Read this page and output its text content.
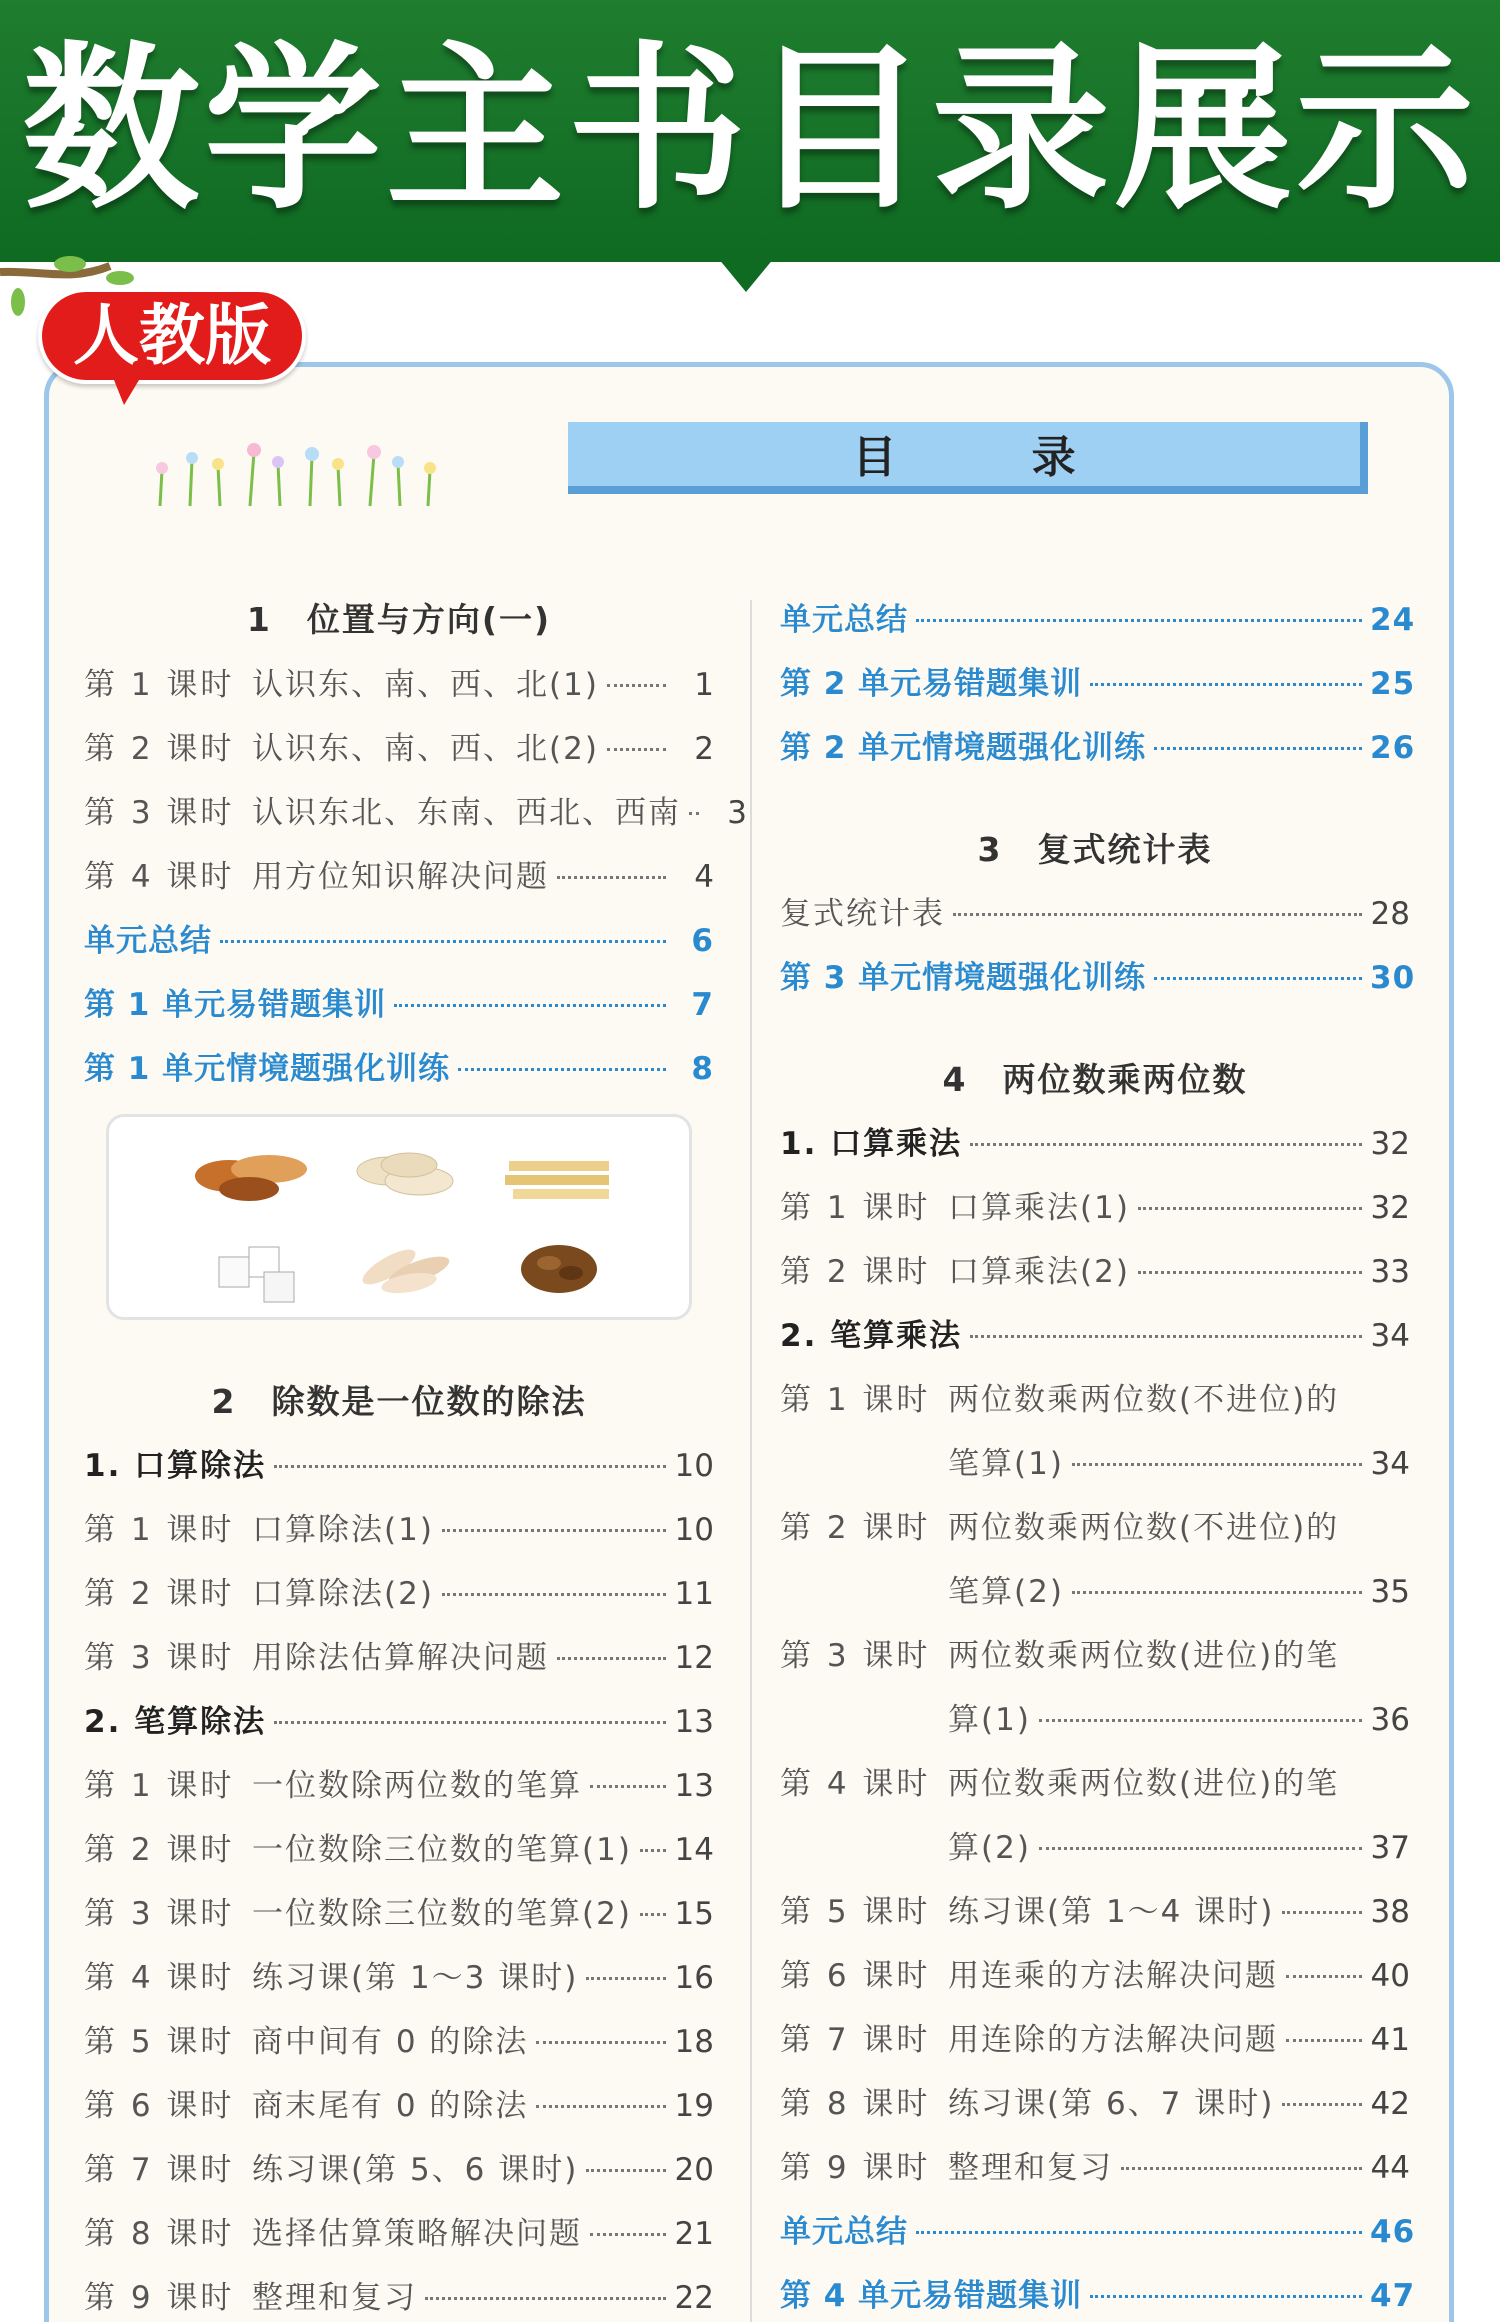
数学主书目录展示
人教版
目 录
1　位置与方向(一)
第 1 课时 认识东、南、西、北(1)	1
第 2 课时 认识东、南、西、北(2)	2
第 3 课时 认识东北、东南、西北、西南	3
第 4 课时 用方位知识解决问题	4
单元总结	6
第 1 单元易错题集训	7
第 1 单元情境题强化训练	8
2　除数是一位数的除法
1. 口算除法	10
第 1 课时 口算除法(1)	10
第 2 课时 口算除法(2)	11
第 3 课时 用除法估算解决问题	12
2. 笔算除法	13
第 1 课时 一位数除两位数的笔算	13
第 2 课时 一位数除三位数的笔算(1) 14
第 3 课时 一位数除三位数的笔算(2) 15
第 4 课时 练习课(第 1～3 课时)	16
第 5 课时 商中间有 0 的除法	18
第 6 课时 商末尾有 0 的除法	19
第 7 课时 练习课(第 5、6 课时)	20
第 8 课时 选择估算策略解决问题	21
第 9 课时 整理和复习	22
单元总结	24
第 2 单元易错题集训	25
第 2 单元情境题强化训练	26
3　复式统计表
复式统计表	28
第 3 单元情境题强化训练	30
4　两位数乘两位数
1. 口算乘法	32
第 1 课时 口算乘法(1)	32
第 2 课时 口算乘法(2)	33
2. 笔算乘法	34
第 1 课时 两位数乘两位数(不进位)的
笔算(1)	34
第 2 课时 两位数乘两位数(不进位)的
笔算(2)	35
第 3 课时 两位数乘两位数(进位)的笔
算(1)	36
第 4 课时 两位数乘两位数(进位)的笔
算(2)	37
第 5 课时 练习课(第 1～4 课时)	38
第 6 课时 用连乘的方法解决问题	40
第 7 课时 用连除的方法解决问题	41
第 8 课时 练习课(第 6、7 课时)	42
第 9 课时 整理和复习	44
单元总结	46
第 4 单元易错题集训	47
